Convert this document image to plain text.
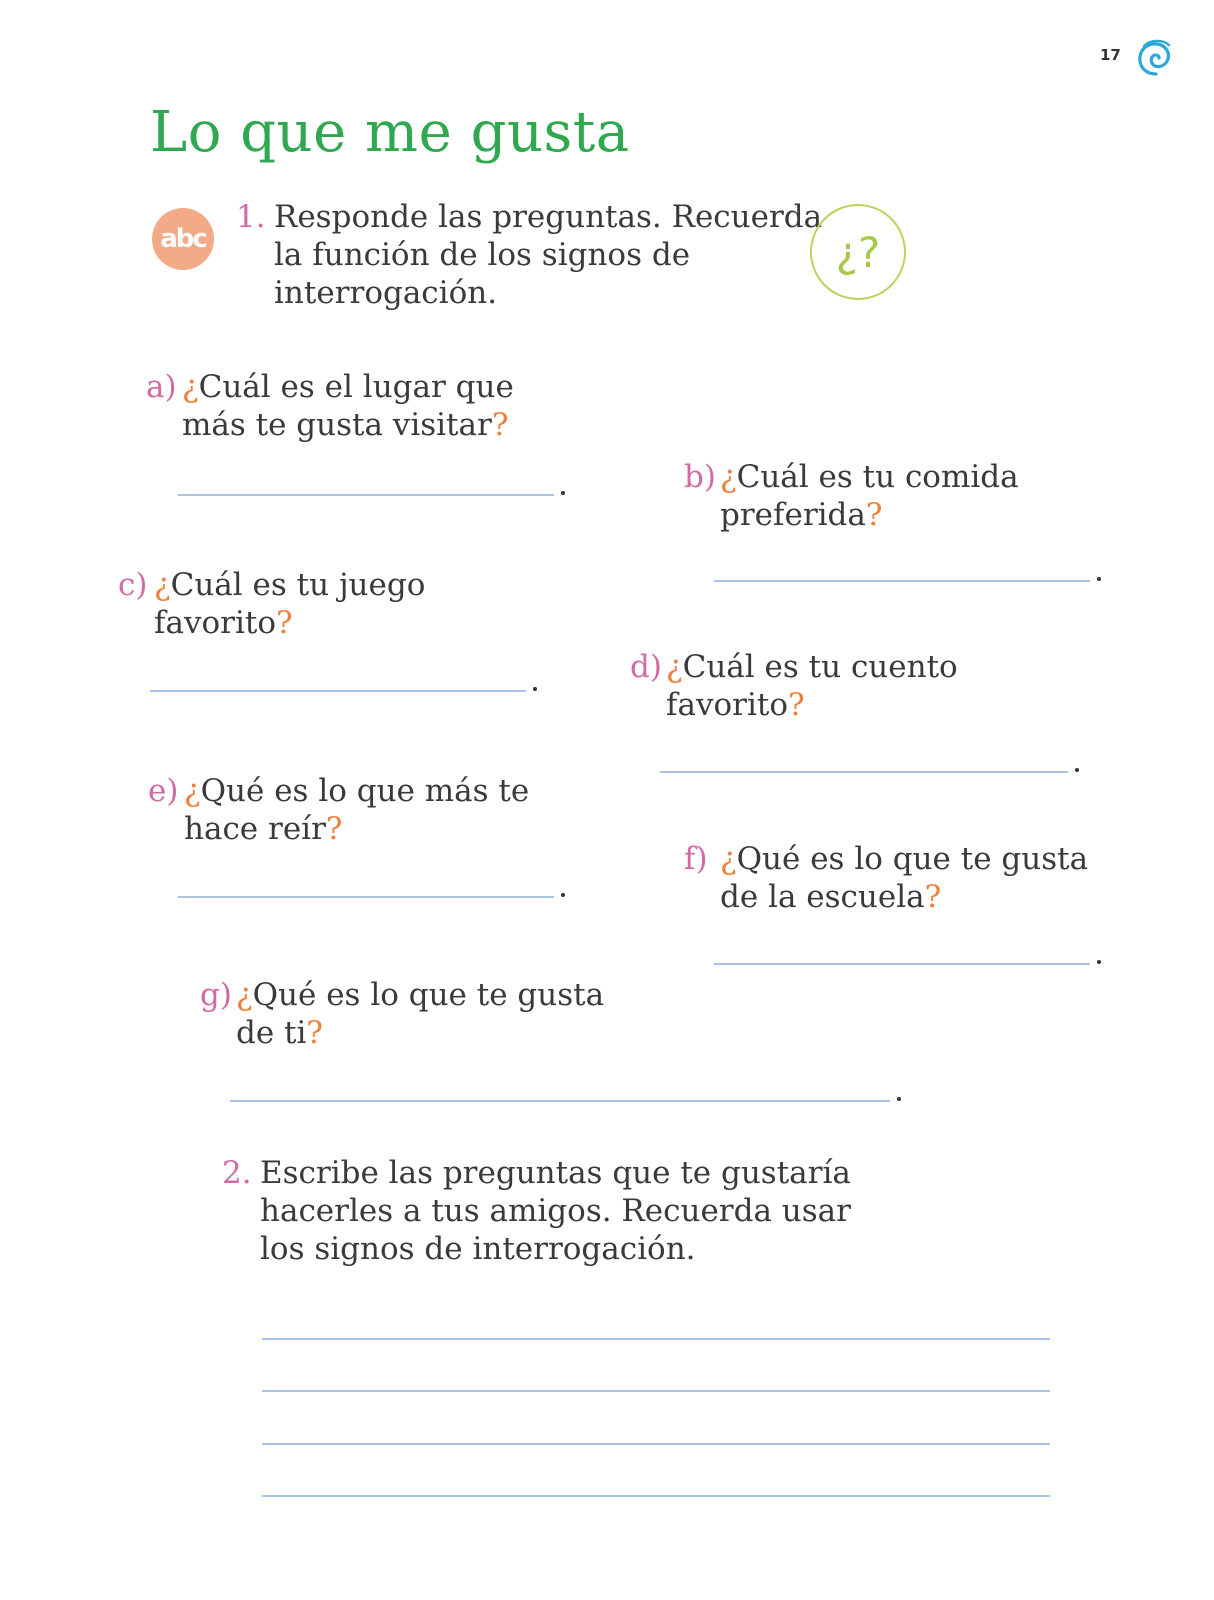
17
Lo que me gusta
abc
1. Responde las preguntas. Recuerda
la función de los signos de
interrogación.
¿?
a) ¿Cuál es el lugar que
más te gusta visitar?
b) ¿Cuál es tu comida
preferida?
c) ¿Cuál es tu juego
favorito?
d) ¿Cuál es tu cuento
favorito?
e) ¿Qué es lo que más te
hace reír?
f) ¿Qué es lo que te gusta
de la escuela?
g) ¿Qué es lo que te gusta
de ti?
2. Escribe las preguntas que te gustaría
hacerles a tus amigos. Recuerda usar
los signos de interrogación.
